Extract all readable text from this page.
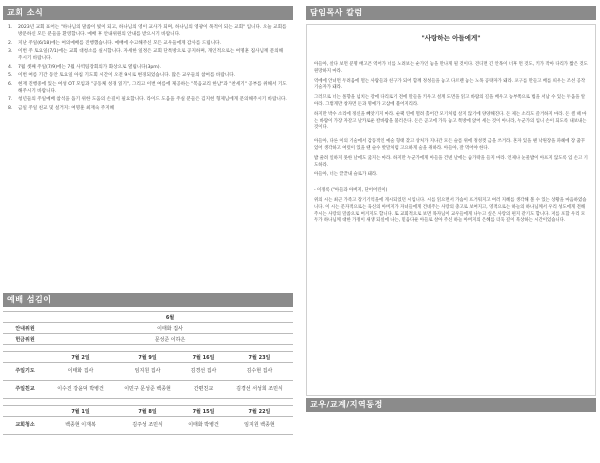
교회 소식
1.	2023년 교회 표어는 "하나님의 말씀이 빛이 되고, 하나님의 영이 교사가 되며, 하나님의 영광이 목적이 되는 교회" 입니다. 오늘 교회를 방문하신 모든 분들을 환영합니다. 예배 후 안내위원의 안내를 받으시기 바랍니다.
2.	지난 주일(6/18)에는 여의예배를 진행했습니다. 예배에 수고해주신 모든 교우들에게 감사를 드립니다.
3.	이번 주 토요일(7/1)에는 교회 대청소를 실시합니다. 자세한 일정은 교회 단톡방으로 공지하며, 개인적으로는 여명훈 집사님께 문의해주시기 바랍니다.
4.	7월 셋째 주일(7/9)에는 7월 사역팀장회의가 화상으로 열립니다(3pm).
5.	이번 여름 기간 동안 토요일 아침 기도회 시간이 오전 9시로 변경되었습니다. 많은 교우들의 참여를 바랍니다.
6.	현재 진행중에 있는 여성 OT 모임과 "공동체 성경 읽기", 그리고 이번 여름에 제공하는 "복음교리 한남"과 "찬세기" 공부를 위해서 기도해주시기 바랍니다.
7.	청년들의 주일예배 참석을 돕기 위한 도움의 손길이 필요합니다. 라이드 도움을 주실 분들은 김지헌 형제님에게 문의해주시기 바랍니다.
8.	금일 주일 친교 및 설거지: 여명훈 최재숙 주지혜
예배 섬김이
	6월			
안내위원	이태화 집사			
헌금위원	문성준 이하은			

	7월 2일	7월 9일	7월 16일	7월 23일
주일기도	이태화 집사	임지원 집사	김경선 집사	김수현 집사
주일친교	이수진 강윤덕 박병건	이민구 문성준 백종현	간편친교	김경선 서성희 조민식

	7월 1일	7월 8일	7월 15일	7월 22일
교회청소	백종현 이재복	김주성 조민식	이태화 박병건	임지원 백종현
담임목사 칼럼
"사랑하는 아들에게"

아들아, 살다 보면 분명 배고픈 역어가 너를 노려보는 순가인 놓을 만나게 될 것이다. 견디면 긴 안목이 너후 면 것도, 키가 작아 다리가 짧은 것도 원망하지 마라.

역에에 안녀면 두려움에 떨는 사람들과 친구가 되어 함께 정성들을 놓고 다르렌 놓는 노목 공략자가 돼라. 포구를 만들고 배를 띄우는 조선 공작 기술자가 돼라.

그러므로 너는 폴향을 넘치는 강에 다리로기 전에 말들을 키우고 설계 도면을 읽고 바람의 길을 배우고 농부쪽으로 법을 서남 수 있는 두움을 알아라. 그렇게만 창자면 돈과 명예가 고삼에 불어지리라.

하지만 박수 소리에 정신을 빼앗기지 마라. 순팩 연에 떨려 홀어간 모기처럼 살지 않기에 양양해진다. 돈 제는 소리도 즐거하지 마라. 돈 셀 때 마는 바람이 가장 자갈고 날카로운 칼바람을 불러온다. 돈은 곧고에 가득 놓고 쪽방에 앉어 세는 것이 아니라, 누군가의 입니 손이 되도록 내보내는 것이다.

아들아, 다른 이의 기술에서 감동적인 예술 형태 찾고 상처가 지나간 모든 슬픔 위에 정성껏 금을 쓰거라. 혼자 있을 땐 낙원장을 파헤에 장 꿈꾸었어 생각하고 여럿이 있을 땐 슬수 밧말처럼 고요하게 술을 취하라. 아들아, 잘 먹어야 한다.

밥 줄려 일하지 못한 날에도 굶지는 마라. 하지만 누군가에게 아들을 건넨 날에는 숨가락을 들지 마라. 언제나 눈물밥이 아프지 않도록 입 손고 기도하라.

아들아, 너는 끝끝내 슬로가 돼라.

- 이정록 ("아들과 아버지, 단어어린이)

위의 시는 최근 가족고 장기기억을에 게시되었던 시입니다. 시를 읽으면서 가슴이 뜨거워지고 여러 지혜를 생각해 볼 수 있는 상황을 마음하였습니다. 이 시는 문자적으로는 육신의 아버지가 자녀들에게 건네주는 사랑의 충고로 보여지고, 영적으로는 하늘의 하나님께서 우리 성도에게 전해주시는 사랑의 말씀으로 여겨지도 합니다. 또 교회적으로 보면 목자님이 교우들에게 나누고 싶은 사랑의 편지 같기도 합니다. 저를 포함 우리 모두가 하나님께 대한 가정이 새생 되실에 나는, 믿음다운 아들로 살아 주신 하늘 아버지의 은혜를 더욱 깊이 묵상하는 시간이었습니다.

교우/교계/지역동정
